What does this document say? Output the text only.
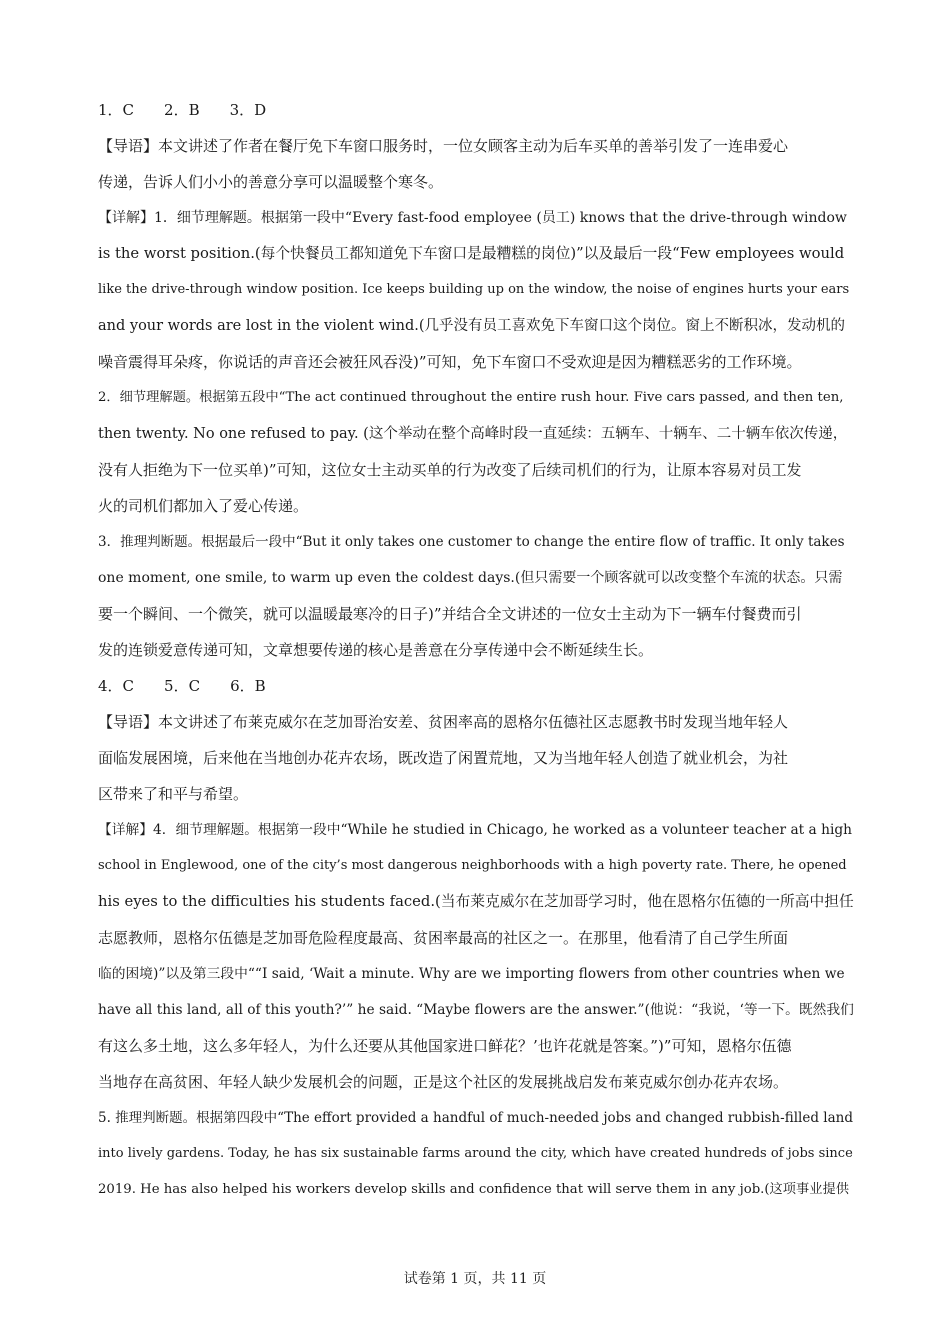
1．C 2．B 3．D
【导语】本文讲述了作者在餐厅免下车窗口服务时，一位女顾客主动为后车买单的善举引发了一连串爱心
传递，告诉人们小小的善意分享可以温暖整个寒冬。
【详解】1．细节理解题。根据第一段中“Every fast-food employee (员工) knows that the drive-through window
is the worst position.(每个快餐员工都知道免下车窗口是最糟糕的岗位)”以及最后一段“Few employees would
like the drive-through window position. Ice keeps building up on the window, the noise of engines hurts your ears
and your words are lost in the violent wind.(几乎没有员工喜欢免下车窗口这个岗位。窗上不断积冰，发动机的
噪音震得耳朵疼，你说话的声音还会被狂风吞没)”可知，免下车窗口不受欢迎是因为糟糕恶劣的工作环境。
2．细节理解题。根据第五段中“The act continued throughout the entire rush hour. Five cars passed, and then ten,
then twenty. No one refused to pay. (这个举动在整个高峰时段一直延续：五辆车、十辆车、二十辆车依次传递，
没有人拒绝为下一位买单)”可知，这位女士主动买单的行为改变了后续司机们的行为，让原本容易对员工发
火的司机们都加入了爱心传递。
3．推理判断题。根据最后一段中“But it only takes one customer to change the entire flow of traffic. It only takes
one moment, one smile, to warm up even the coldest days.(但只需要一个顾客就可以改变整个车流的状态。只需
要一个瞬间、一个微笑，就可以温暖最寒冷的日子)”并结合全文讲述的一位女士主动为下一辆车付餐费而引
发的连锁爱意传递可知，文章想要传递的核心是善意在分享传递中会不断延续生长。
4．C 5．C 6．B
【导语】本文讲述了布莱克威尔在芝加哥治安差、贫困率高的恩格尔伍德社区志愿教书时发现当地年轻人
面临发展困境，后来他在当地创办花卉农场，既改造了闲置荒地，又为当地年轻人创造了就业机会，为社
区带来了和平与希望。
【详解】4．细节理解题。根据第一段中“While he studied in Chicago, he worked as a volunteer teacher at a high
school in Englewood, one of the city’s most dangerous neighborhoods with a high poverty rate. There, he opened
his eyes to the difficulties his students faced.(当布莱克威尔在芝加哥学习时，他在恩格尔伍德的一所高中担任
志愿教师，恩格尔伍德是芝加哥危险程度最高、贫困率最高的社区之一。在那里，他看清了自己学生所面
临的困境)”以及第三段中““I said, ‘Wait a minute. Why are we importing flowers from other countries when we
have all this land, all of this youth?’” he said. “Maybe flowers are the answer.”(他说：“我说，‘等一下。既然我们
有这么多土地，这么多年轻人，为什么还要从其他国家进口鲜花？’也许花就是答案。”)”可知，恩格尔伍德
当地存在高贫困、年轻人缺少发展机会的问题，正是这个社区的发展挑战启发布莱克威尔创办花卉农场。
5. 推理判断题。根据第四段中“The effort provided a handful of much-needed jobs and changed rubbish-filled land
into lively gardens. Today, he has six sustainable farms around the city, which have created hundreds of jobs since
2019. He has also helped his workers develop skills and confidence that will serve them in any job.(这项事业提供
试卷第 1 页，共 11 页
